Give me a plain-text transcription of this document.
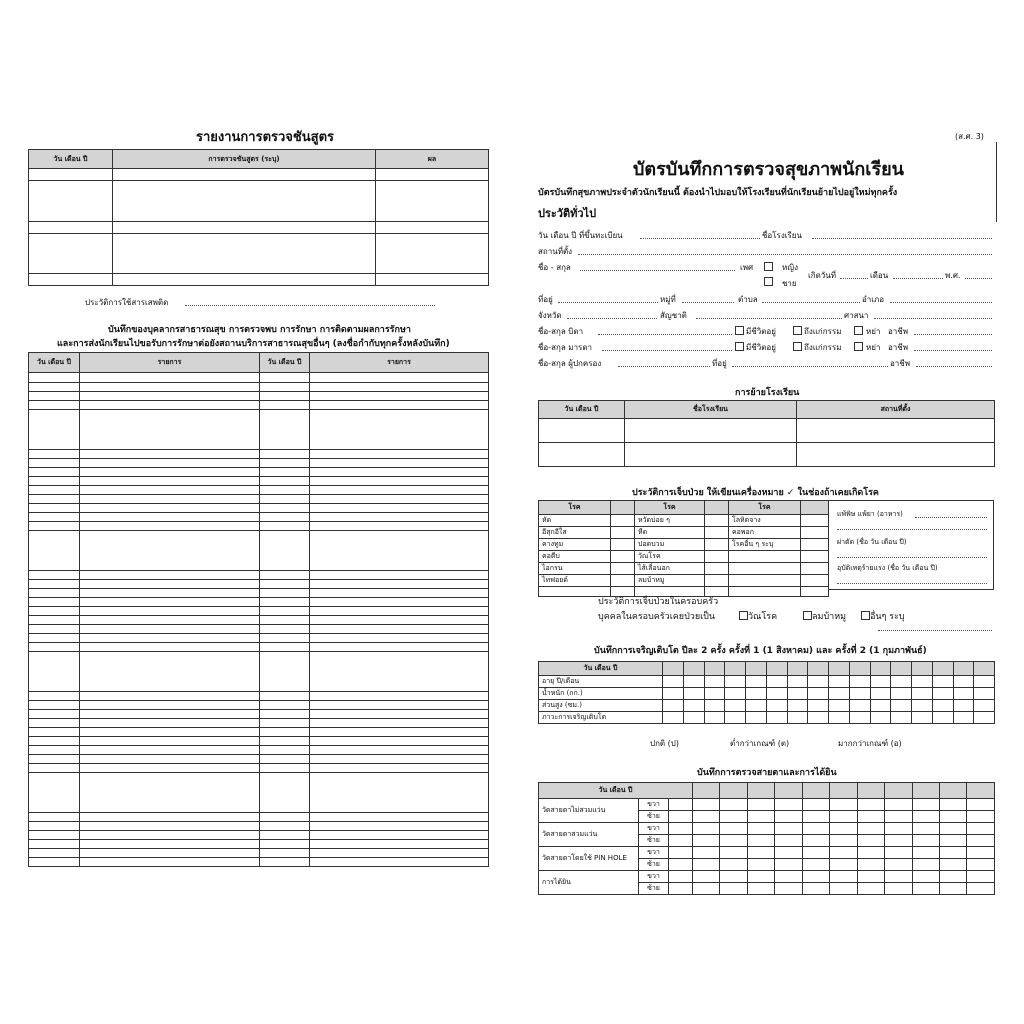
รายงานการตรวจชันสูตร
วัน เดือน ปี	การตรวจชันสูตร (ระบุ)	ผล

ประวัติการใช้สารเสพติด
บันทึกของบุคลากรสาธารณสุข การตรวจพบ การรักษา การติดตามผลการรักษา
และการส่งนักเรียนไปขอรับการรักษาต่อยังสถานบริการสาธารณสุขอื่นๆ (ลงชื่อกำกับทุกครั้งหลังบันทึก)
วัน เดือน ปี	รายการ	วัน เดือน ปี	รายการ

(ส.ศ. 3)
บัตรบันทึกการตรวจสุขภาพนักเรียน
บัตรบันทึกสุขภาพประจำตัวนักเรียนนี้ ต้องนำไปมอบให้โรงเรียนที่นักเรียนย้ายไปอยู่ใหม่ทุกครั้ง
ประวัติทั่วไป
วัน เดือน ปี ที่ขึ้นทะเบียน	ชื่อโรงเรียน
สถานที่ตั้ง
ชื่อ - สกุล	เพศ	หญิง
ชาย
เกิดวันที่	เดือน	พ.ศ.
ที่อยู่	หมู่ที่	ตำบล	อำเภอ
จังหวัด	สัญชาติ	ศาสนา
ชื่อ-สกุล บิดา	มีชีวิตอยู่	ถึงแก่กรรม	หย่า อาชีพ
ชื่อ-สกุล มารดา	มีชีวิตอยู่	ถึงแก่กรรม	หย่า อาชีพ
ชื่อ-สกุล ผู้ปกครอง	ที่อยู่	อาชีพ
การย้ายโรงเรียน
วัน เดือน ปี	ชื่อโรงเรียน	สถานที่ตั้ง

ประวัติการเจ็บป่วย ให้เขียนเครื่องหมาย ✓ ในช่องถ้าเคยเกิดโรค
โรค		โรค		โรค	
หัด		หวัดบ่อย ๆ		โลหิตจาง	
อีสุกอีใส		หืด		คอพอก	
คางทูม		ปอดบวม		โรคอื่น ๆ ระบุ	
คอตีบ		วัณโรค			
ไอกรน		ไส้เลื่อนอก			
ไทฟอยด์		ลมบ้าหมู			

แพ้พิษ แพ้ยา (อาหาร)
ผ่าตัด (ชื่อ วัน เดือน ปี)
อุบัติเหตุร้ายแรง (ชื่อ วัน เดือน ปี)
ประวัติการเจ็บป่วยในครอบครัว
บุคคลในครอบครัวเคยป่วยเป็น	วัณโรค	ลมบ้าหมู	อื่นๆ ระบุ
บันทึกการเจริญเติบโต ปีละ 2 ครั้ง ครั้งที่ 1 (1 สิงหาคม) และ ครั้งที่ 2 (1 กุมภาพันธ์)
วัน เดือน ปี																
อายุ ปี/เดือน																
น้ำหนัก (กก.)																
ส่วนสูง (ซม.)																
ภาวะการเจริญเติบโต																
ปกติ (ป)	ต่ำกว่าเกณฑ์ (ต)	มากกว่าเกณฑ์ (อ)
บันทึกการตรวจสายตาและการได้ยิน
วัน เดือน ปี													
วัดสายตาไม่สวมแว่น	ขวา												
	ซ้าย												
วัดสายตาสวมแว่น	ขวา												
	ซ้าย												
วัดสายตาโดยใช้ PIN HOLE	ขวา												
	ซ้าย												
การได้ยิน	ขวา												
	ซ้าย												
